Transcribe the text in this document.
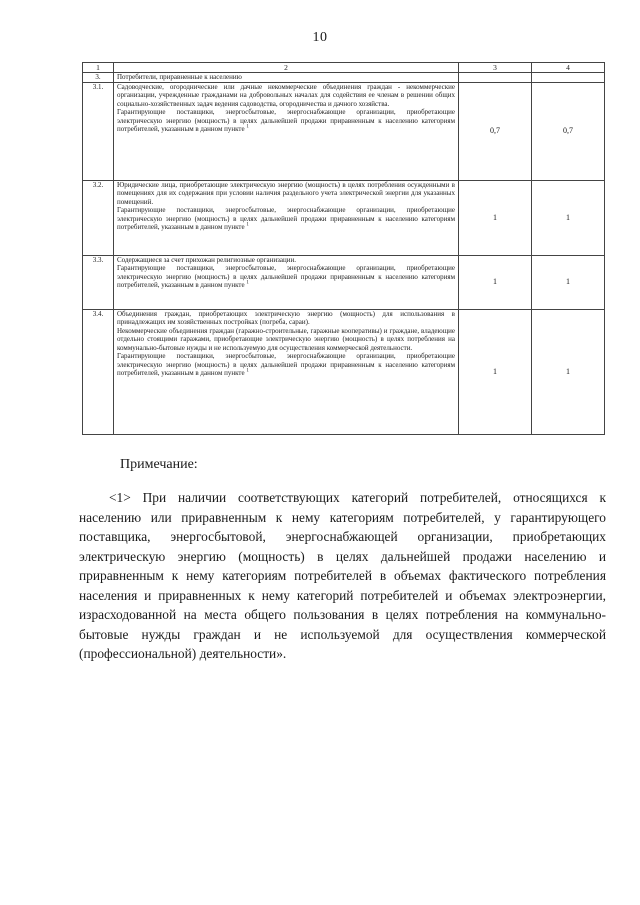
10
1	2	3	4
3.	Потребители, приравненные к населению		
3.1.	Садоводческие, огороднические или дачные некоммерческие объединения граждан - некоммерческие организации, учрежденные гражданами на добровольных началах для содействия ее членам в решении общих социально-хозяйственных задач ведения садоводства, огородничества и дачного хозяйства.
Гарантирующие поставщики, энергосбытовые, энергоснабжающие организации, приобретающие электрическую энергию (мощность) в целях дальнейшей продажи приравненным к населению категориям потребителей, указанным в данном пункте $^1$	0,7	0,7
3.2.	Юридические лица, приобретающие электрическую энергию (мощность) в целях потребления осужденными в помещениях для их содержания при условии наличия раздельного учета электрической энергии для указанных помещений.
Гарантирующие поставщики, энергосбытовые, энергоснабжающие организации, приобретающие электрическую энергию (мощность) в целях дальнейшей продажи приравненным к населению категориям потребителей, указанным в данном пункте $^1$	1	1
3.3.	Содержащиеся за счет прихожан религиозные организации.
Гарантирующие поставщики, энергосбытовые, энергоснабжающие организации, приобретающие электрическую энергию (мощность) в целях дальнейшей продажи приравненным к населению категориям потребителей, указанным в данном пункте $^1$	1	1
3.4.	Объединения граждан, приобретающих электрическую энергию (мощность) для использования в принадлежащих им хозяйственных постройках (погреба, сараи).
Некоммерческие объединения граждан (гаражно-строительные, гаражные кооперативы) и граждане, владеющие отдельно стоящими гаражами, приобретающие электрическую энергию (мощность) в целях потребления на коммунально-бытовые нужды и не используемую для осуществления коммерческой деятельности.
Гарантирующие поставщики, энергосбытовые, энергоснабжающие организации, приобретающие электрическую энергию (мощность) в целях дальнейшей продажи приравненным к населению категориям потребителей, указанным в данном пункте $^1$	1	1
Примечание:

<1> При наличии соответствующих категорий потребителей, относящихся к населению или приравненным к нему категориям потребителей, у гарантирующего поставщика, энергосбытовой, энергоснабжающей организации, приобретающих электрическую энергию (мощность) в целях дальнейшей продажи населению и приравненным к нему категориям потребителей в объемах фактического потребления населения и приравненных к нему категорий потребителей и объемах электроэнергии, израсходованной на места общего пользования в целях потребления на коммунально-бытовые нужды граждан и не используемой для осуществления коммерческой (профессиональной) деятельности».
